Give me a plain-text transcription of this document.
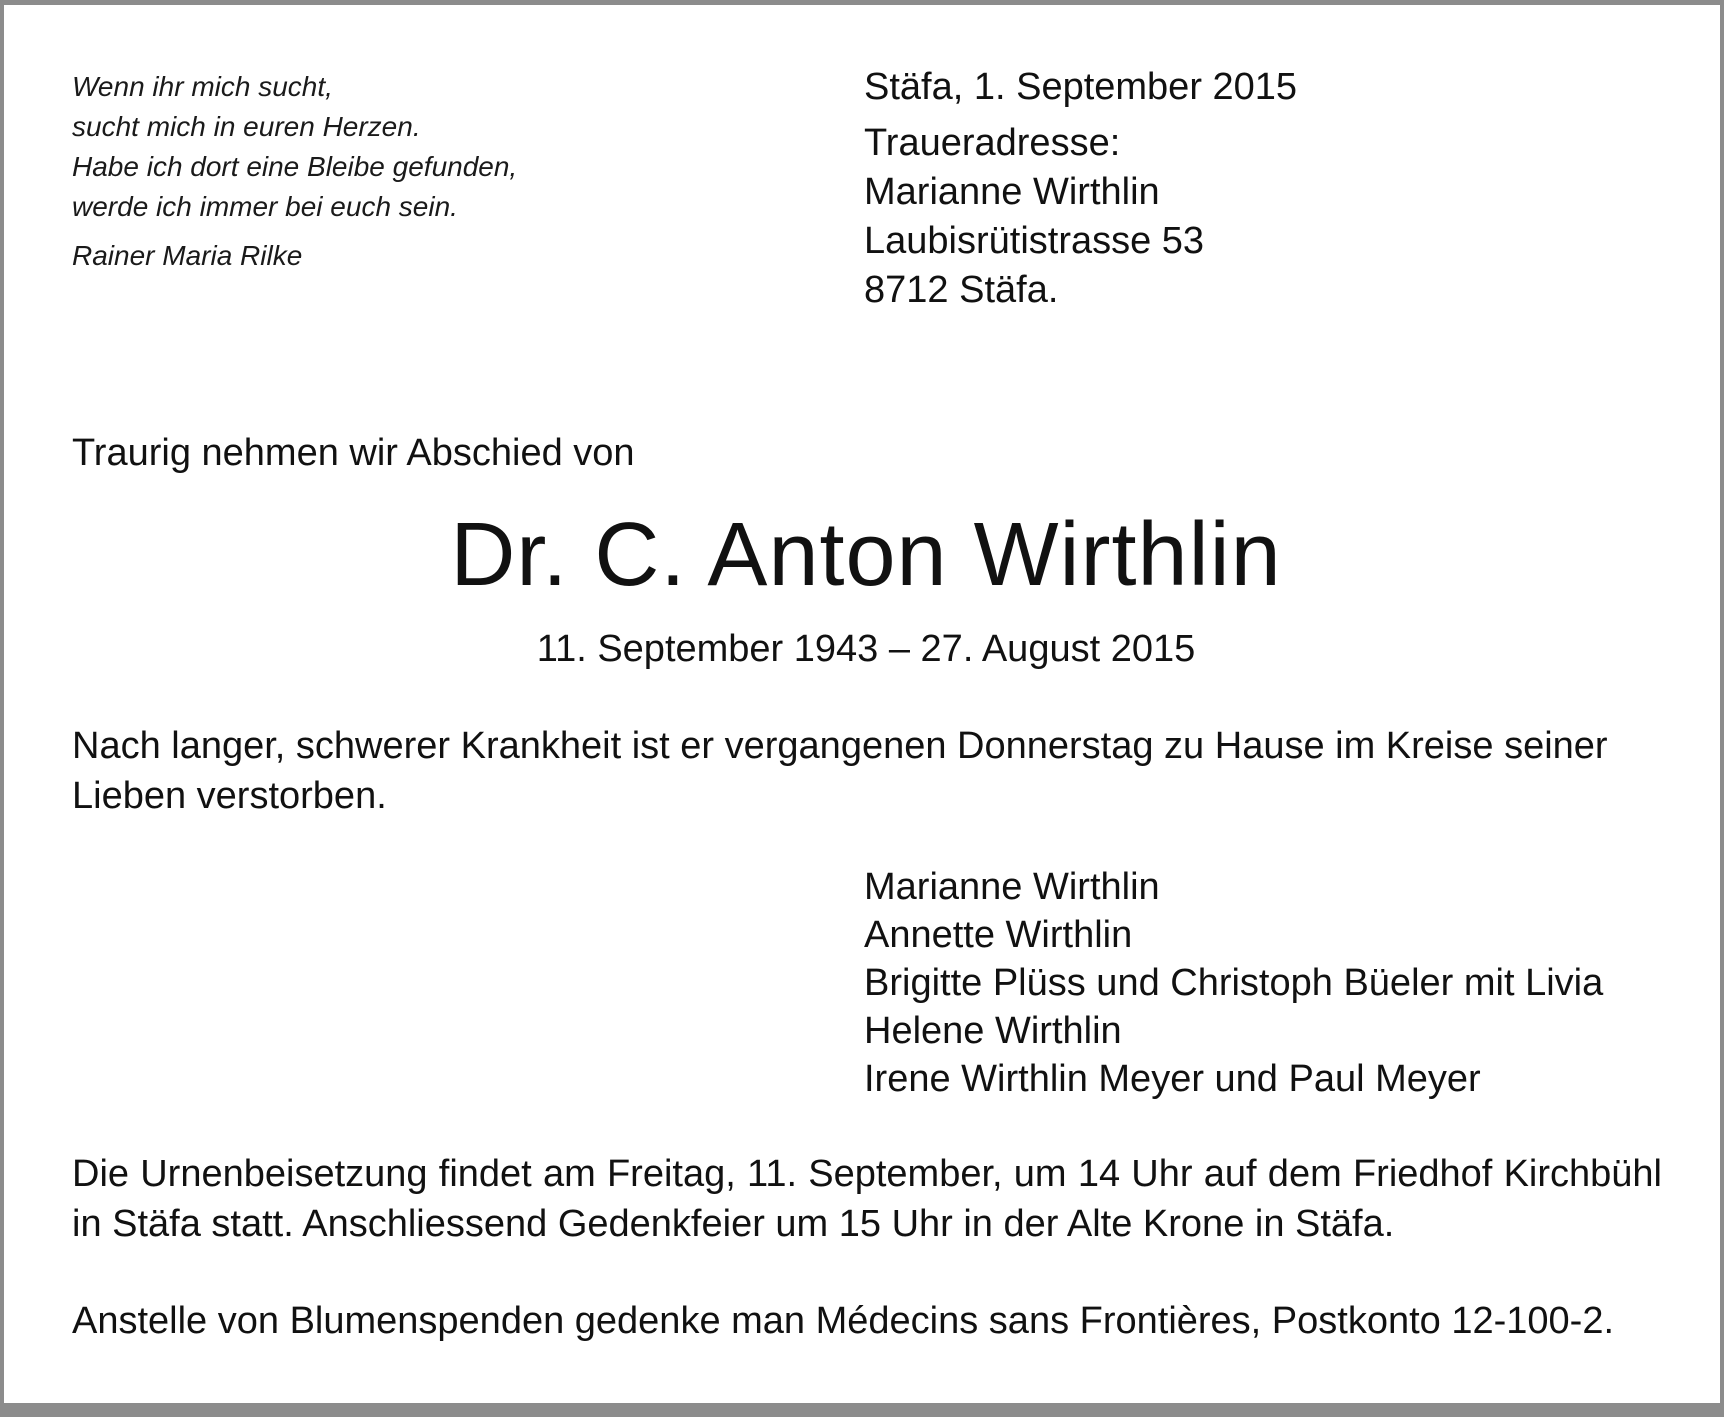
Wenn ihr mich sucht,
sucht mich in euren Herzen.
Habe ich dort eine Bleibe gefunden,
werde ich immer bei euch sein.
Rainer Maria Rilke
Stäfa, 1. September 2015
Traueradresse:
Marianne Wirthlin
Laubisrütistrasse 53
8712 Stäfa.
Traurig nehmen wir Abschied von
Dr. C. Anton Wirthlin
11. September 1943 – 27. August 2015
Nach langer, schwerer Krankheit ist er vergangenen Donnerstag zu Hause im Kreise seiner Lieben verstorben.
Marianne Wirthlin
Annette Wirthlin
Brigitte Plüss und Christoph Büeler mit Livia
Helene Wirthlin
Irene Wirthlin Meyer und Paul Meyer
Die Urnenbeisetzung findet am Freitag, 11. September, um 14 Uhr auf dem Friedhof Kirchbühl in Stäfa statt. Anschliessend Gedenkfeier um 15 Uhr in der Alte Krone in Stäfa.
Anstelle von Blumenspenden gedenke man Médecins sans Frontières, Postkonto 12-100-2.
